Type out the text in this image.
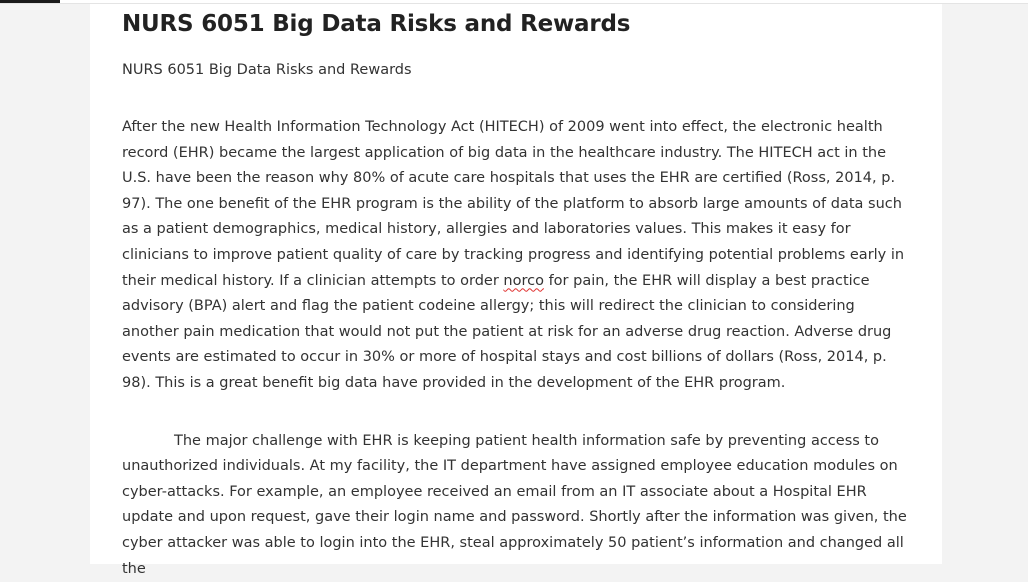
NURS 6051 Big Data Risks and Rewards

NURS 6051 Big Data Risks and Rewards

After the new Health Information Technology Act (HITECH) of 2009 went into effect, the electronic health record (EHR) became the largest application of big data in the healthcare industry. The HITECH act in the U.S. have been the reason why 80% of acute care hospitals that uses the EHR are certified (Ross, 2014, p. 97). The one benefit of the EHR program is the ability of the platform to absorb large amounts of data such as a patient demographics, medical history, allergies and laboratories values. This makes it easy for clinicians to improve patient quality of care by tracking progress and identifying potential problems early in their medical history. If a clinician attempts to order norco for pain, the EHR will display a best practice advisory (BPA) alert and flag the patient codeine allergy; this will redirect the clinician to considering another pain medication that would not put the patient at risk for an adverse drug reaction. Adverse drug events are estimated to occur in 30% or more of hospital stays and cost billions of dollars (Ross, 2014, p. 98). This is a great benefit big data have provided in the development of the EHR program.

The major challenge with EHR is keeping patient health information safe by preventing access to unauthorized individuals. At my facility, the IT department have assigned employee education modules on cyber-attacks. For example, an employee received an email from an IT associate about a Hospital EHR update and upon request, gave their login name and password. Shortly after the information was given, the cyber attacker was able to login into the EHR, steal approximately 50 patient’s information and changed all the
